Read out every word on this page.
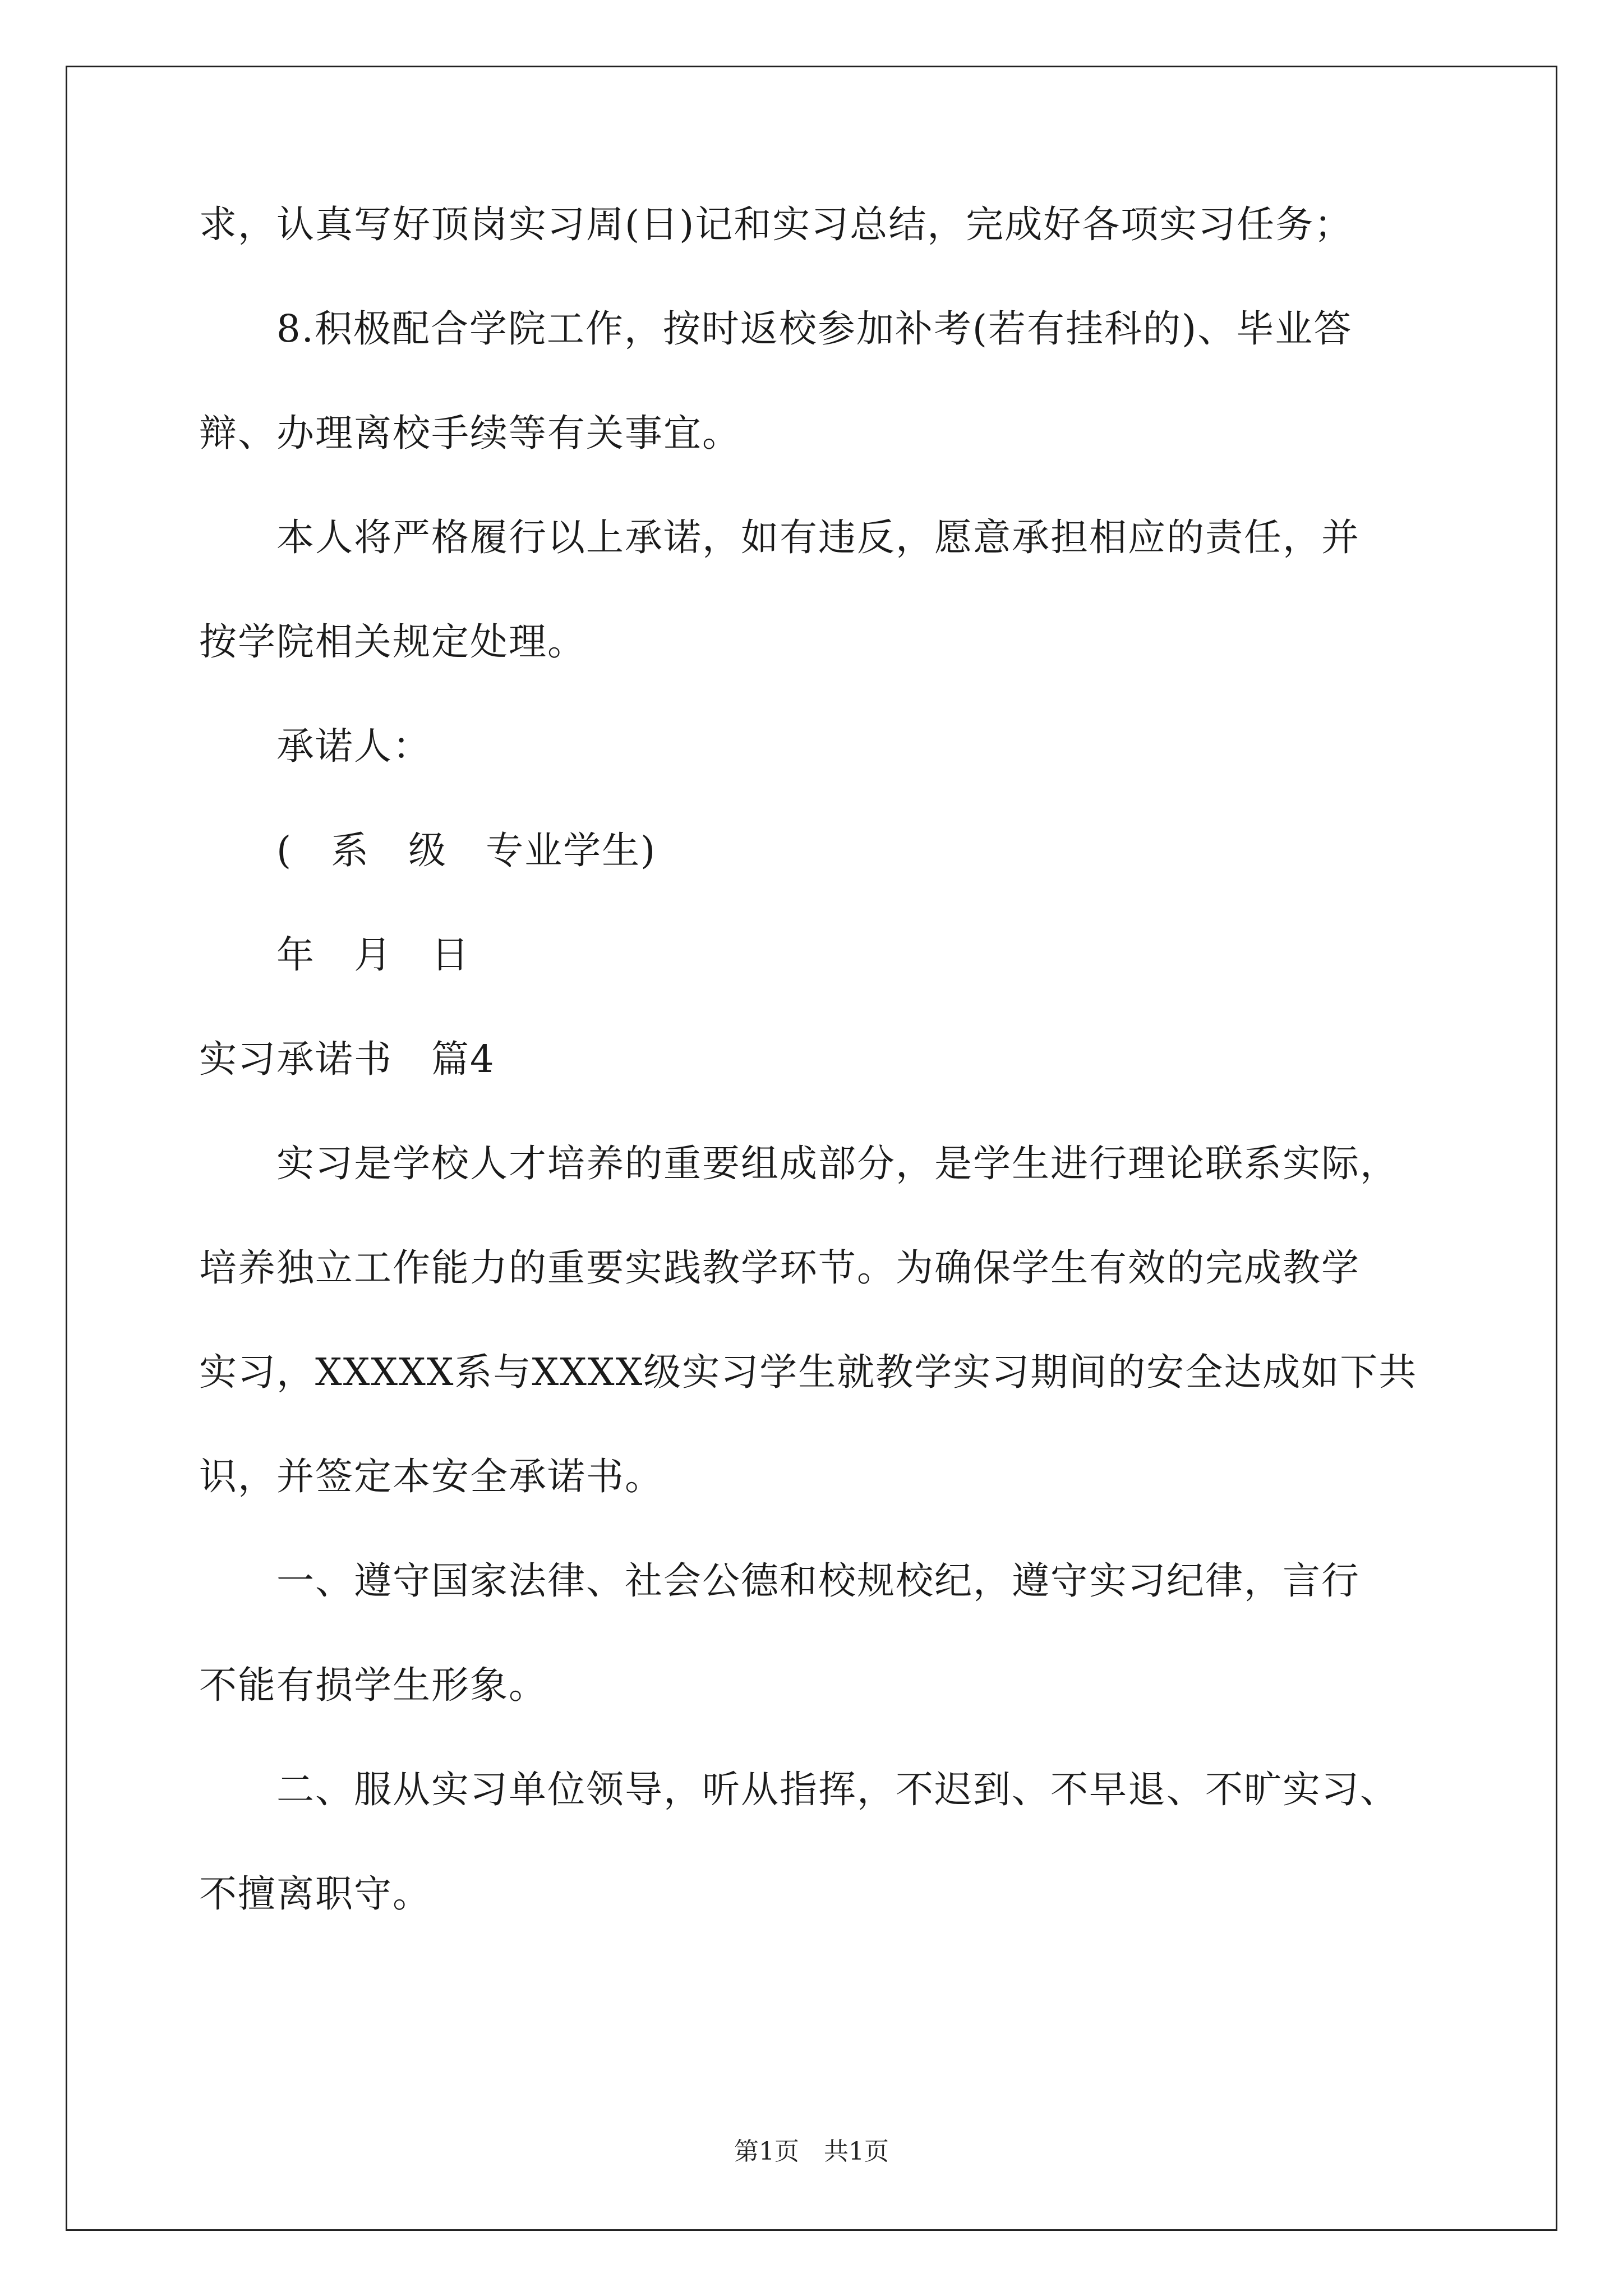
求，认真写好顶岗实习周(日)记和实习总结，完成好各项实习任务；
　　8.积极配合学院工作，按时返校参加补考(若有挂科的)、毕业答
辩、办理离校手续等有关事宜。
　　本人将严格履行以上承诺，如有违反，愿意承担相应的责任，并
按学院相关规定处理。
　　承诺人：
　　(　系　级　专业学生)
　　年　月　日
实习承诺书　篇4
　　实习是学校人才培养的重要组成部分，是学生进行理论联系实际，
培养独立工作能力的重要实践教学环节。为确保学生有效的完成教学
实习，XXXXX系与XXXX级实习学生就教学实习期间的安全达成如下共
识，并签定本安全承诺书。
　　一、遵守国家法律、社会公德和校规校纪，遵守实习纪律，言行
不能有损学生形象。
　　二、服从实习单位领导，听从指挥，不迟到、不早退、不旷实习、
不擅离职守。
第1页　共1页
